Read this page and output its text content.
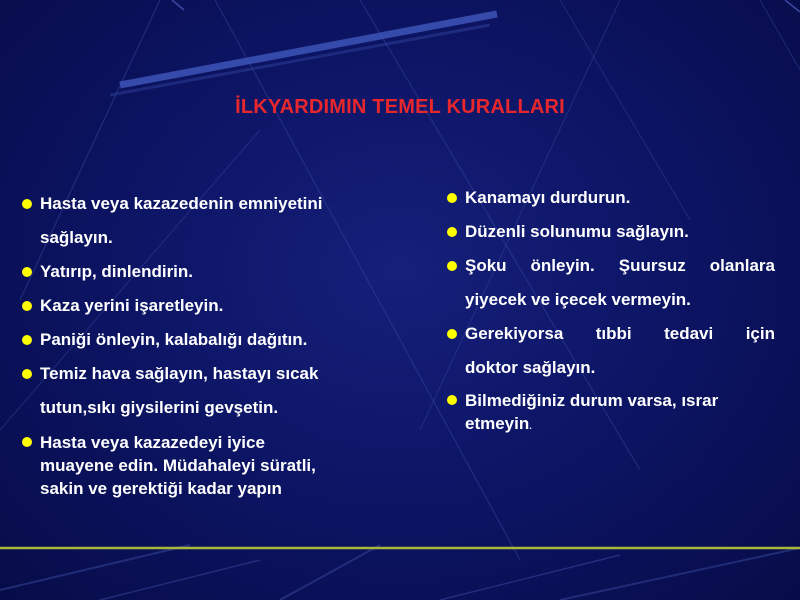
İLKYARDIMIN TEMEL KURALLARI
Hasta veya kazazedenin emniyetini
sağlayın.
Yatırıp, dinlendirin.
Kaza yerini işaretleyin.
Paniği önleyin, kalabalığı dağıtın.
Temiz hava sağlayın, hastayı sıcak
tutun,sıkı giysilerini gevşetin.
Hasta veya kazazedeyi iyice
muayene edin. Müdahaleyi süratli,
sakin ve gerektiği kadar yapın
Kanamayı durdurun.
Düzenli solunumu sağlayın.
Şoku önleyin. Şuursuz olanlara
yiyecek ve içecek vermeyin.
Gerekiyorsa tıbbi tedavi için
doktor sağlayın.
Bilmediğiniz durum varsa, ısrar
etmeyin.
